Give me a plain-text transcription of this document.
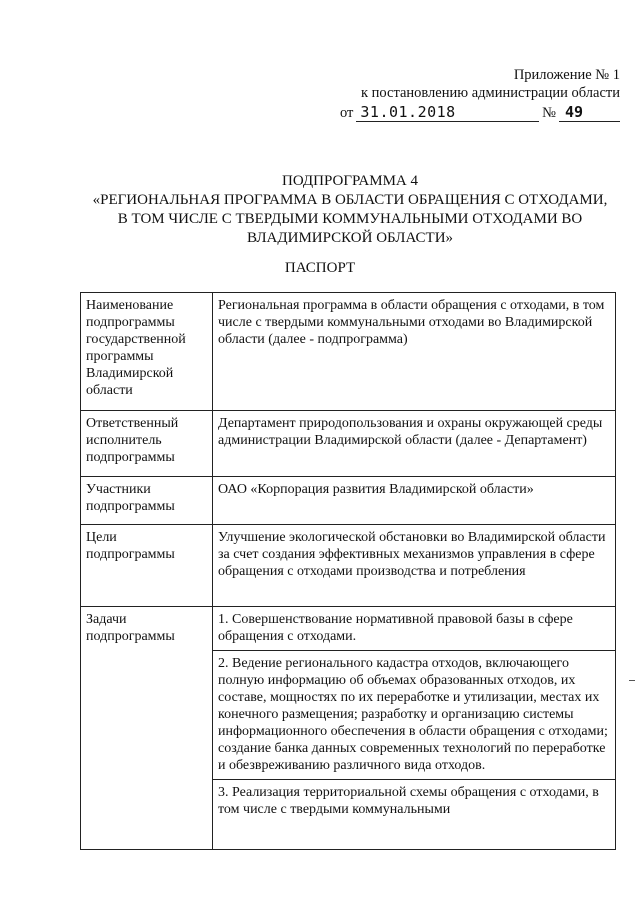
Приложение № 1
к постановлению администрации области
от 31.01.2018	№ 49
ПОДПРОГРАММА 4
«РЕГИОНАЛЬНАЯ ПРОГРАММА В ОБЛАСТИ ОБРАЩЕНИЯ С ОТХОДАМИ,
В ТОМ ЧИСЛЕ С ТВЕРДЫМИ КОММУНАЛЬНЫМИ ОТХОДАМИ ВО
ВЛАДИМИРСКОЙ ОБЛАСТИ»
ПАСПОРТ
Наименование подпрограммы государственной программы Владимирской области	Региональная программа в области обращения с отходами, в том числе с твердыми коммунальными отходами во Владимирской области (далее - подпрограмма)
Ответственный исполнитель подпрограммы	Департамент природопользования и охраны окружающей среды администрации Владимирской области (далее - Департамент)
Участники подпрограммы	ОАО «Корпорация развития Владимирской области»
Цели подпрограммы	Улучшение экологической обстановки во Владимирской области за счет создания эффективных механизмов управления в сфере обращения с отходами производства и потребления
Задачи подпрограммы	1. Совершенствование нормативной правовой базы в сфере обращения с отходами.
	2. Ведение регионального кадастра отходов, включающего полную информацию об объемах образованных отходов, их составе, мощностях по их переработке и утилизации, местах их конечного размещения; разработку и организацию системы информационного обеспечения в области обращения с отходами; создание банка данных современных технологий по переработке и обезвреживанию различного вида отходов.

	3. Реализация территориальной схемы обращения с отходами, в том числе с твердыми коммунальными
